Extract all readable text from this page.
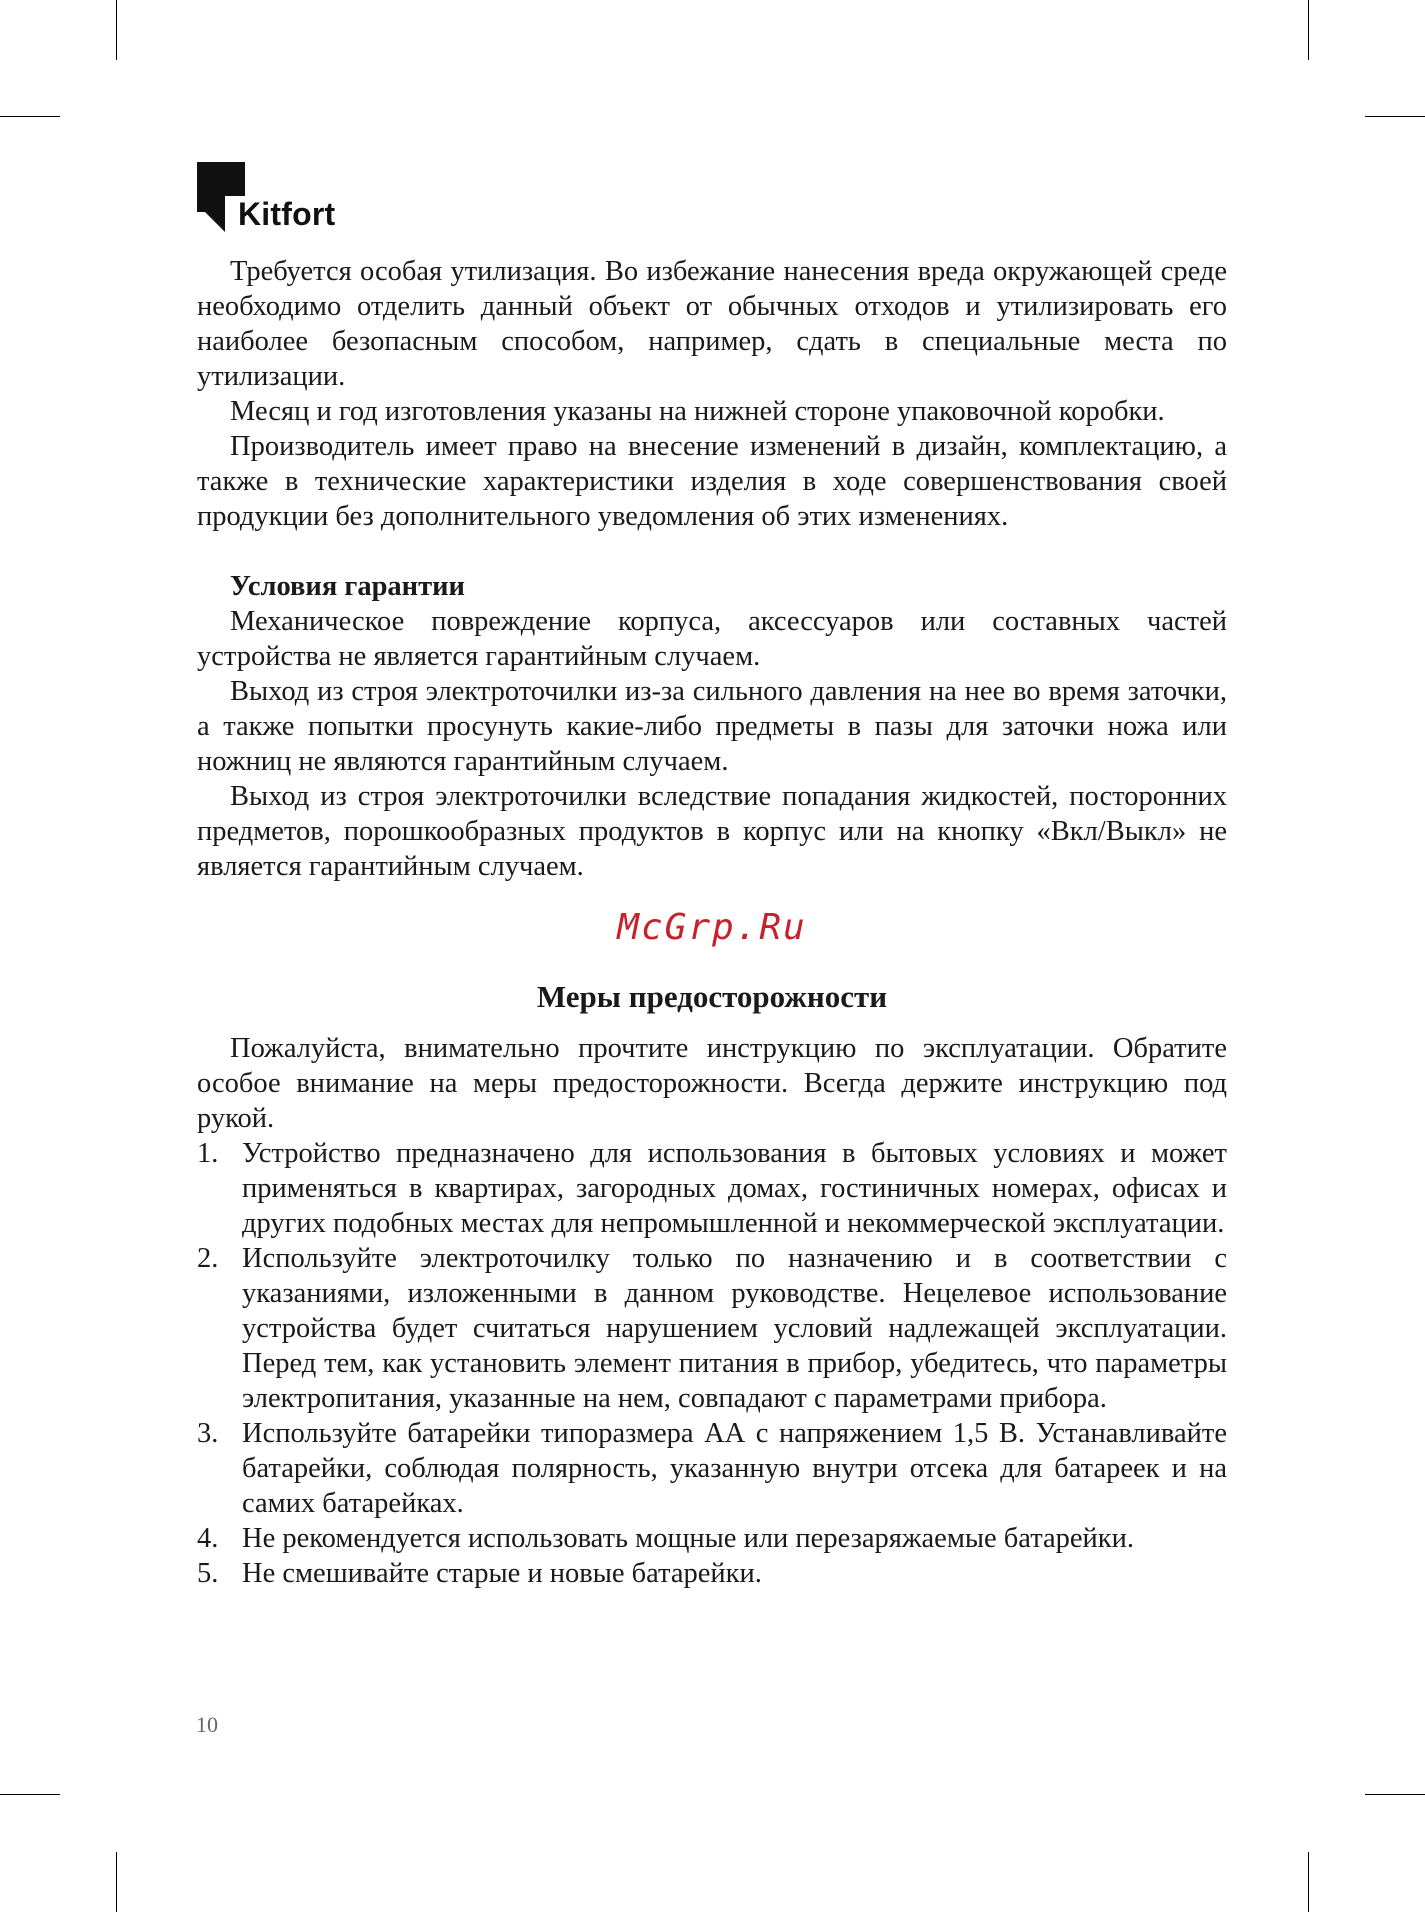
Kitfort

Требуется особая утилизация. Во избежание нанесения вреда окружающей среде необходимо отделить данный объект от обычных отходов и утилизировать его наиболее безопасным способом, например, сдать в специальные места по утилизации.

Месяц и год изготовления указаны на нижней стороне упаковочной коробки.

Производитель имеет право на внесение изменений в дизайн, комплектацию, а также в технические характеристики изделия в ходе совершенствования своей продукции без дополнительного уведомления об этих изменениях.

Условия гарантии

Механическое повреждение корпуса, аксессуаров или составных частей устройства не является гарантийным случаем.

Выход из строя электроточилки из-за сильного давления на нее во время заточки, а также попытки просунуть какие-либо предметы в пазы для заточки ножа или ножниц не являются гарантийным случаем.

Выход из строя электроточилки вследствие попадания жидкостей, посторонних предметов, порошкообразных продуктов в корпус или на кнопку «Вкл/Выкл» не является гарантийным случаем.

McGrp.Ru
Меры предосторожности

Пожалуйста, внимательно прочтите инструкцию по эксплуатации. Обратите особое внимание на меры предосторожности. Всегда держите инструкцию под рукой.

1. Устройство предназначено для использования в бытовых условиях и может применяться в квартирах, загородных домах, гостиничных номерах, офисах и других подобных местах для непромышленной и некоммерческой эксплуатации.
2. Используйте электроточилку только по назначению и в соответствии с указаниями, изложенными в данном руководстве. Нецелевое использование устройства будет считаться нарушением условий надлежащей эксплуатации. Перед тем, как установить элемент питания в прибор, убедитесь, что параметры электропитания, указанные на нем, совпадают с параметрами прибора.
3. Используйте батарейки типоразмера АА с напряжением 1,5 В. Устанавливайте батарейки, соблюдая полярность, указанную внутри отсека для батареек и на самих батарейках.
4. Не рекомендуется использовать мощные или перезаряжаемые батарейки.
5. Не смешивайте старые и новые батарейки.
10
